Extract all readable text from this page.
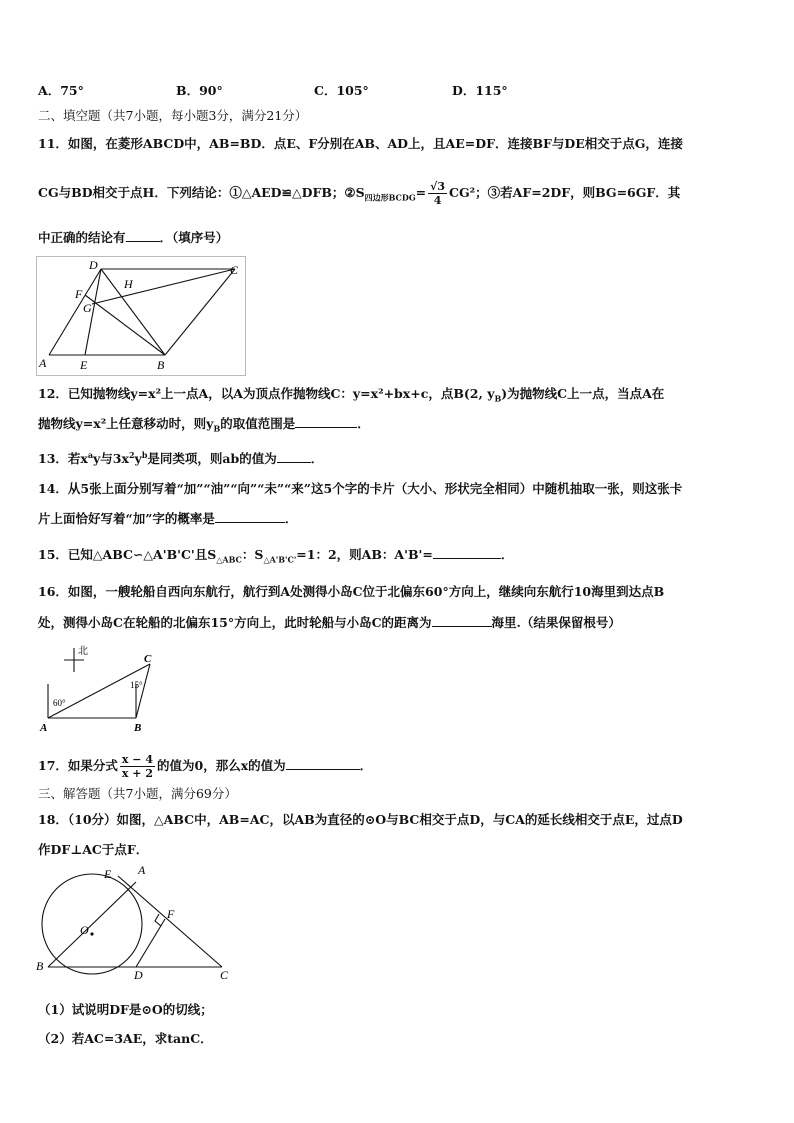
A．75°	B．90°	C．105°	D．115°
二、填空题（共7小题，每小题3分，满分21分）
11．如图，在菱形ABCD中，AB=BD．点E、F分别在AB、AD上，且AE=DF．连接BF与DE相交于点G，连接
CG与BD相交于点H．下列结论：①△AED≌△DFB；$②S_{四边形BCDG}= \frac{√3}{4} CG^2$；③若AF=2DF，则BG=6GF．其
中正确的结论有	．（填序号）
D	C
F
H
G
A	E	B
12．已知抛物线y=x²上一点A，以A为顶点作抛物线C：y=x²+bx+c，点B(2, $y_B$)为抛物线C上一点，当点A在
抛物线y=x²上任意移动时，则$y_B$的取值范围是	．
13．若$x^ay$与$3x^2y^b$是同类项，则ab的值为	．
14．从5张上面分别写着“加”“油”“向”“未”“来”这5个字的卡片（大小、形状完全相同）中随机抽取一张，则这张卡
片上面恰好写着“加”字的概率是	．
15．已知△ABC∽△A'B'C'且$S_{\triangle ABC}$：$S_{\triangle A'B'C'}=1$：2，则AB：A'B'=	．
16．如图，一艘轮船自西向东航行，航行到A处测得小岛C位于北偏东60°方向上，继续向东航行10海里到达点B
处，测得小岛C在轮船的北偏东15°方向上，此时轮船与小岛C的距离为	海里.（结果保留根号）
北
C
15°
60°
A	B
17．如果分式 $\frac{x - 4}{x + 2}$ 的值为0，那么x的值为	．
三、解答题（共7小题，满分69分）
18．（10分）如图，△ABC中，AB=AC，以AB为直径的⊙O与BC相交于点D，与CA的延长线相交于点E，过点D
作DF⊥AC于点F．
E A
F
O
B
D	C
（1）试说明DF是⊙O的切线；
（2）若AC=3AE，求tanC．
